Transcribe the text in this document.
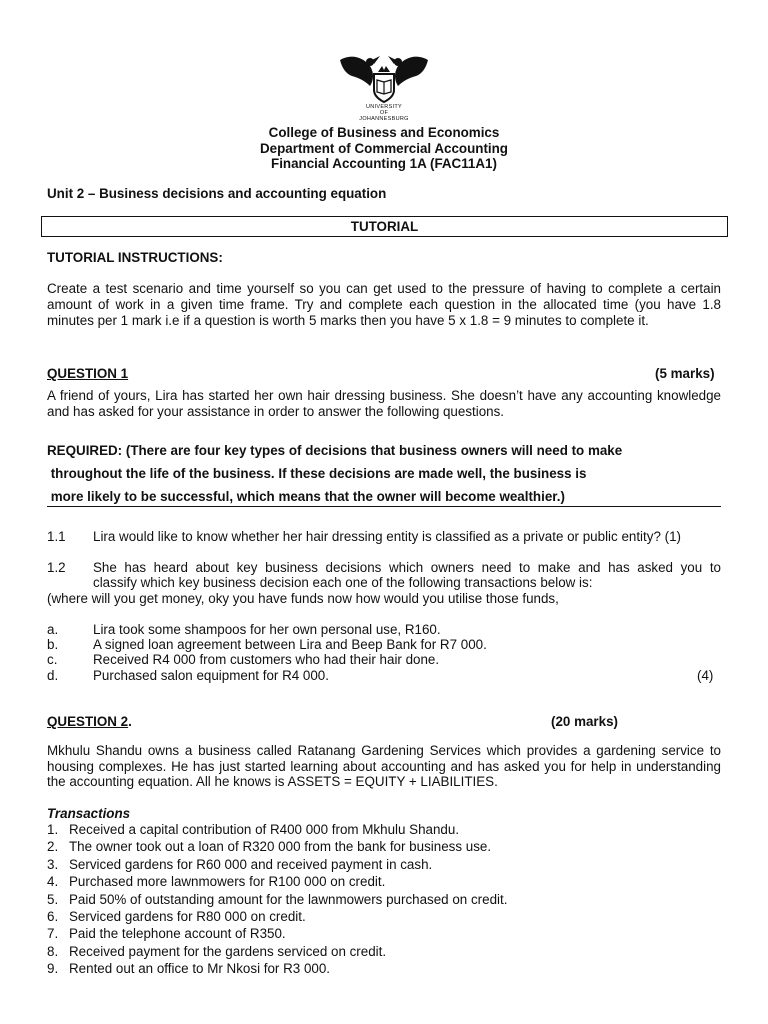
UNIVERSITY
OF
JOHANNESBURG
College of Business and Economics
Department of Commercial Accounting
Financial Accounting 1A (FAC11A1)
Unit 2 – Business decisions and accounting equation
TUTORIAL
TUTORIAL INSTRUCTIONS:
Create a test scenario and time yourself so you can get used to the pressure of having to complete a certain amount of work in a given time frame. Try and complete each question in the allocated time (you have 1.8 minutes per 1 mark i.e if a question is worth 5 marks then you have 5 x 1.8 = 9 minutes to complete it.
QUESTION 1	(5 marks)
A friend of yours, Lira has started her own hair dressing business. She doesn’t have any accounting knowledge and has asked for your assistance in order to answer the following questions.
REQUIRED: (There are four key types of decisions that business owners will need to make
throughout the life of the business. If these decisions are made well, the business is
more likely to be successful, which means that the owner will become wealthier.)
1.1 Lira would like to know whether her hair dressing entity is classified as a private or public entity? (1)
1.2 She has heard about key business decisions which owners need to make and has asked you to
classify which key business decision each one of the following transactions below is:
(where will you get money, oky you have funds now how would you utilise those funds,
a.	Lira took some shampoos for her own personal use, R160.
b.	A signed loan agreement between Lira and Beep Bank for R7 000.
c.	Received R4 000 from customers who had their hair done.
d.	Purchased salon equipment for R4 000.	(4)
QUESTION 2.	(20 marks)
Mkhulu Shandu owns a business called Ratanang Gardening Services which provides a gardening service to housing complexes. He has just started learning about accounting and has asked you for help in understanding the accounting equation. All he knows is ASSETS = EQUITY + LIABILITIES.
Transactions
1. Received a capital contribution of R400 000 from Mkhulu Shandu.
2. The owner took out a loan of R320 000 from the bank for business use.
3. Serviced gardens for R60 000 and received payment in cash.
4. Purchased more lawnmowers for R100 000 on credit.
5. Paid 50% of outstanding amount for the lawnmowers purchased on credit.
6. Serviced gardens for R80 000 on credit.
7. Paid the telephone account of R350.
8. Received payment for the gardens serviced on credit.
9. Rented out an office to Mr Nkosi for R3 000.
